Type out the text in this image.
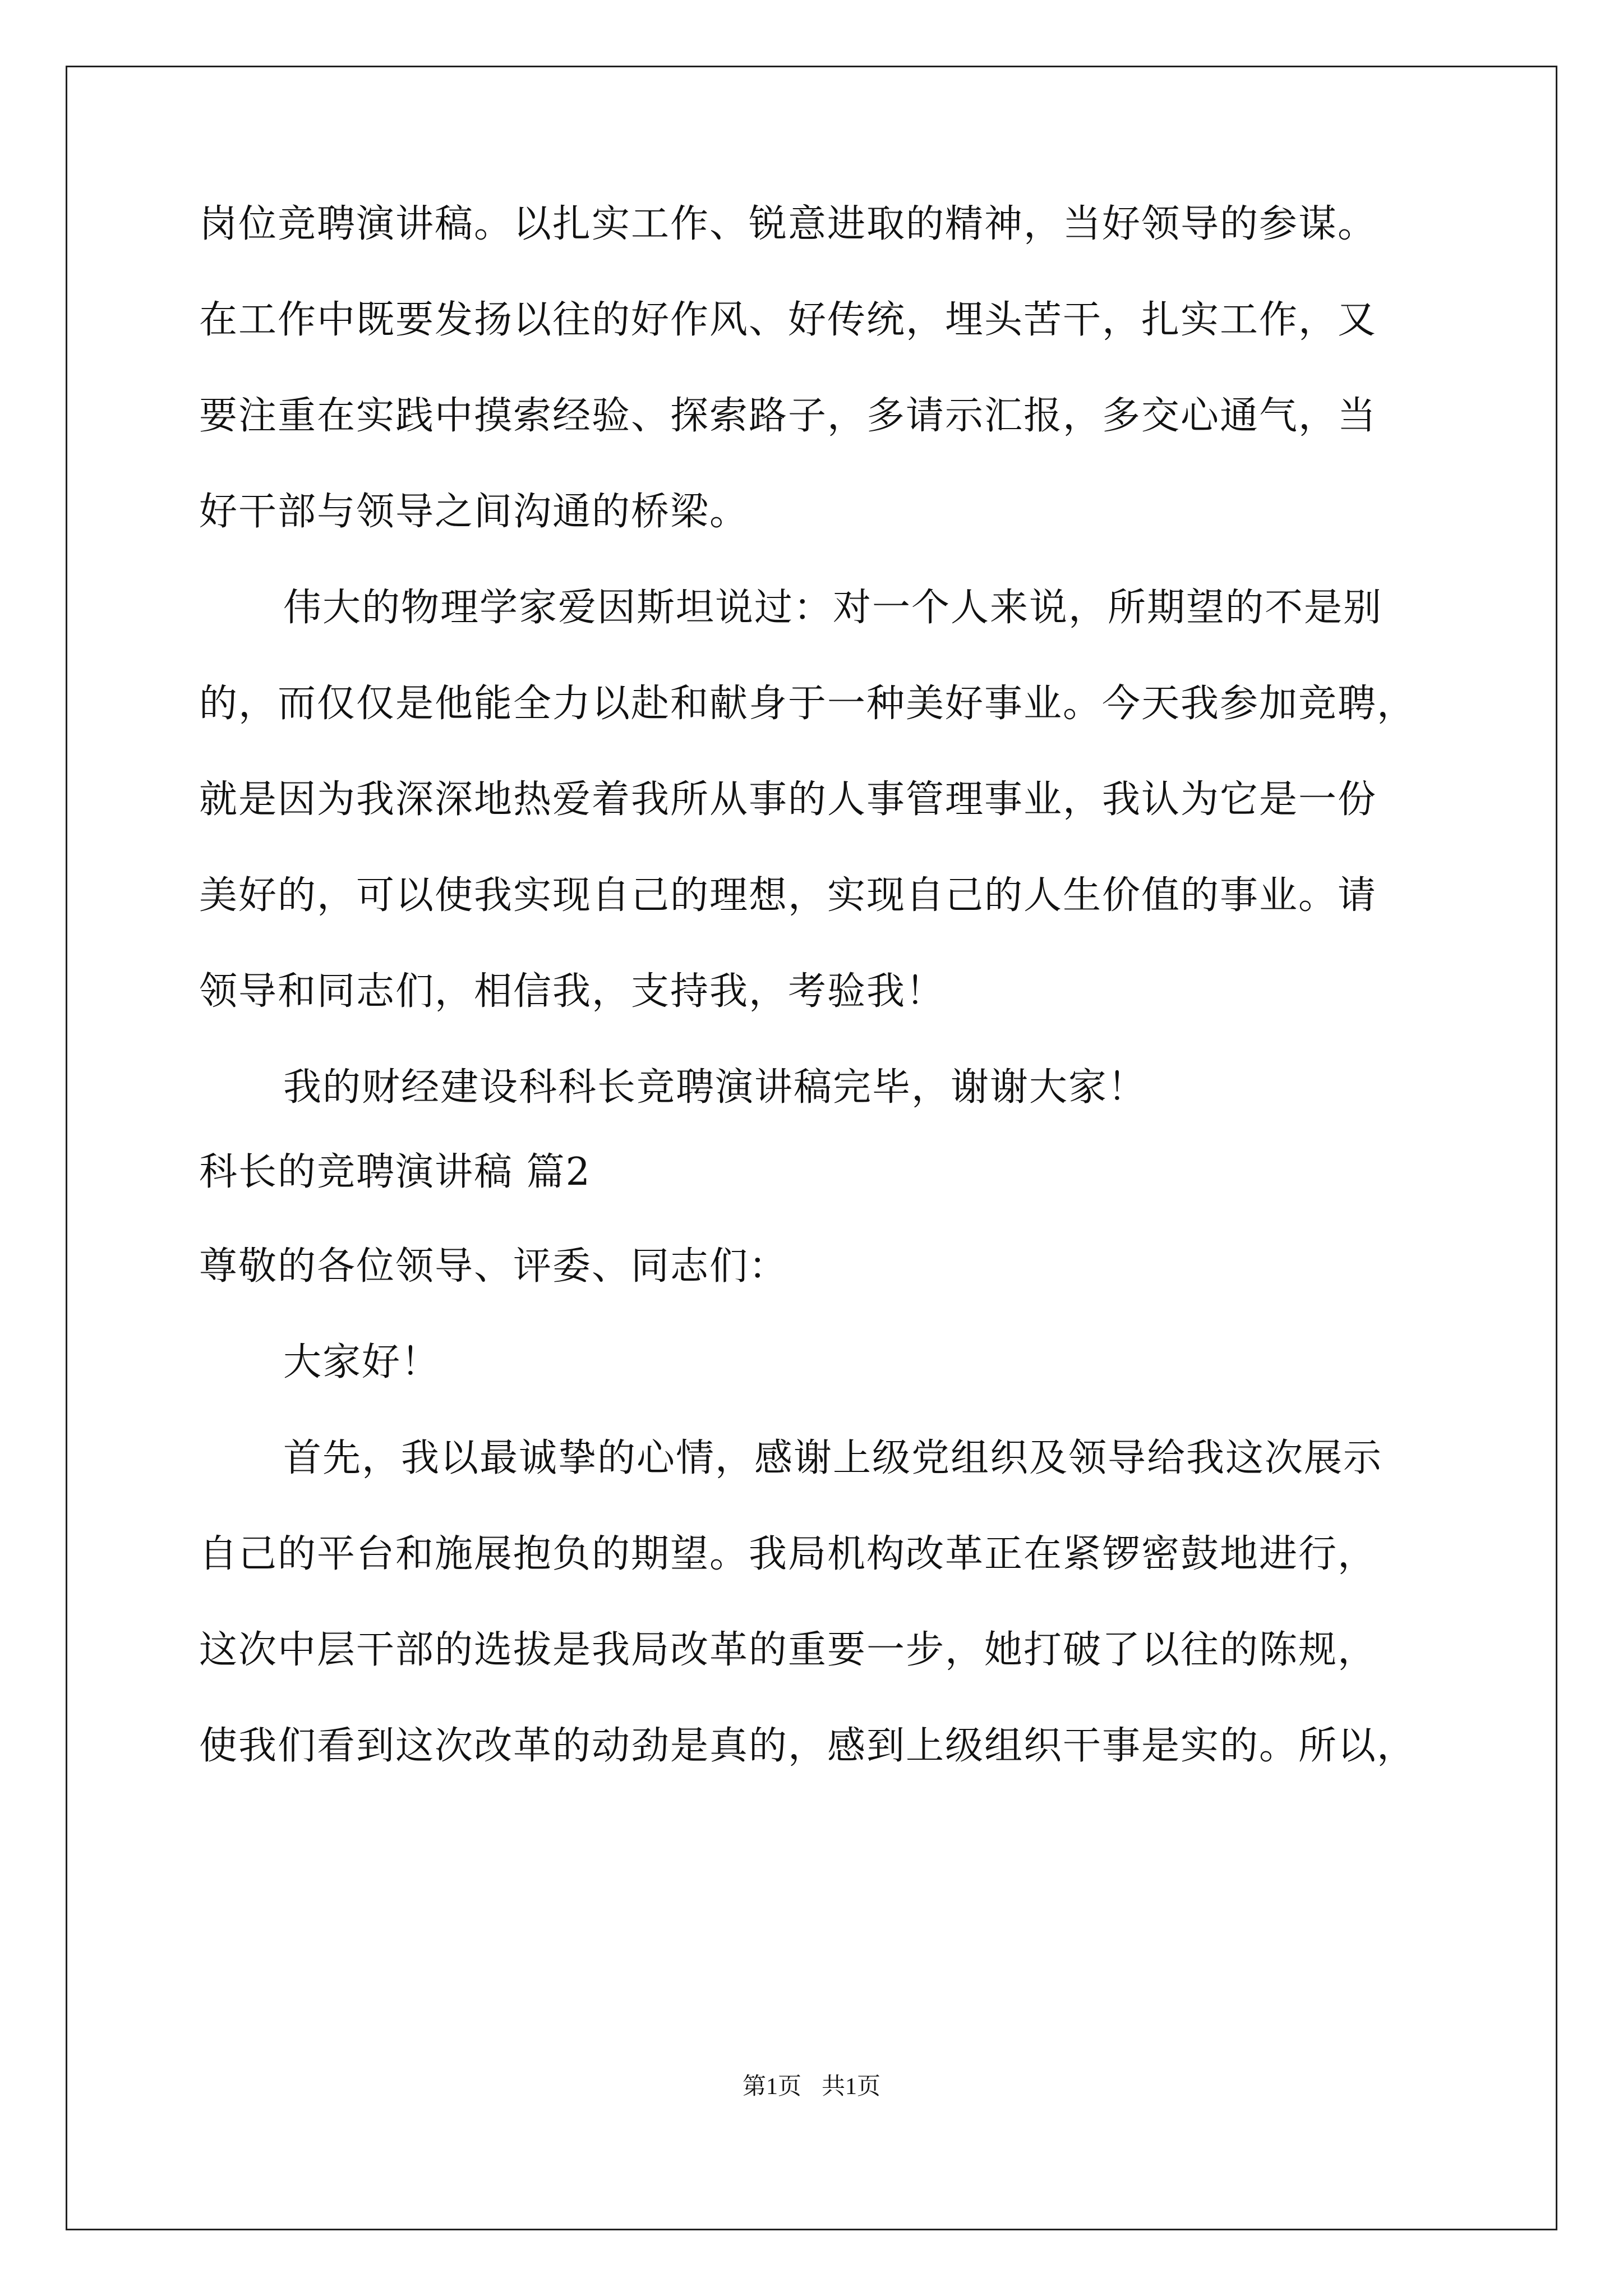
岗位竞聘演讲稿。以扎实工作、锐意进取的精神，当好领导的参谋。
在工作中既要发扬以往的好作风、好传统，埋头苦干，扎实工作，又
要注重在实践中摸索经验、探索路子，多请示汇报，多交心通气，当
好干部与领导之间沟通的桥梁。
伟大的物理学家爱因斯坦说过：对一个人来说，所期望的不是别
的，而仅仅是他能全力以赴和献身于一种美好事业。今天我参加竞聘，
就是因为我深深地热爱着我所从事的人事管理事业，我认为它是一份
美好的，可以使我实现自己的理想，实现自己的人生价值的事业。请
领导和同志们，相信我，支持我，考验我！
我的财经建设科科长竞聘演讲稿完毕，谢谢大家！
科长的竞聘演讲稿 篇2
尊敬的各位领导、评委、同志们：
大家好！
首先，我以最诚挚的心情，感谢上级党组织及领导给我这次展示
自己的平台和施展抱负的期望。我局机构改革正在紧锣密鼓地进行，
这次中层干部的选拔是我局改革的重要一步，她打破了以往的陈规，
使我们看到这次改革的动劲是真的，感到上级组织干事是实的。所以，
第1页 共1页
